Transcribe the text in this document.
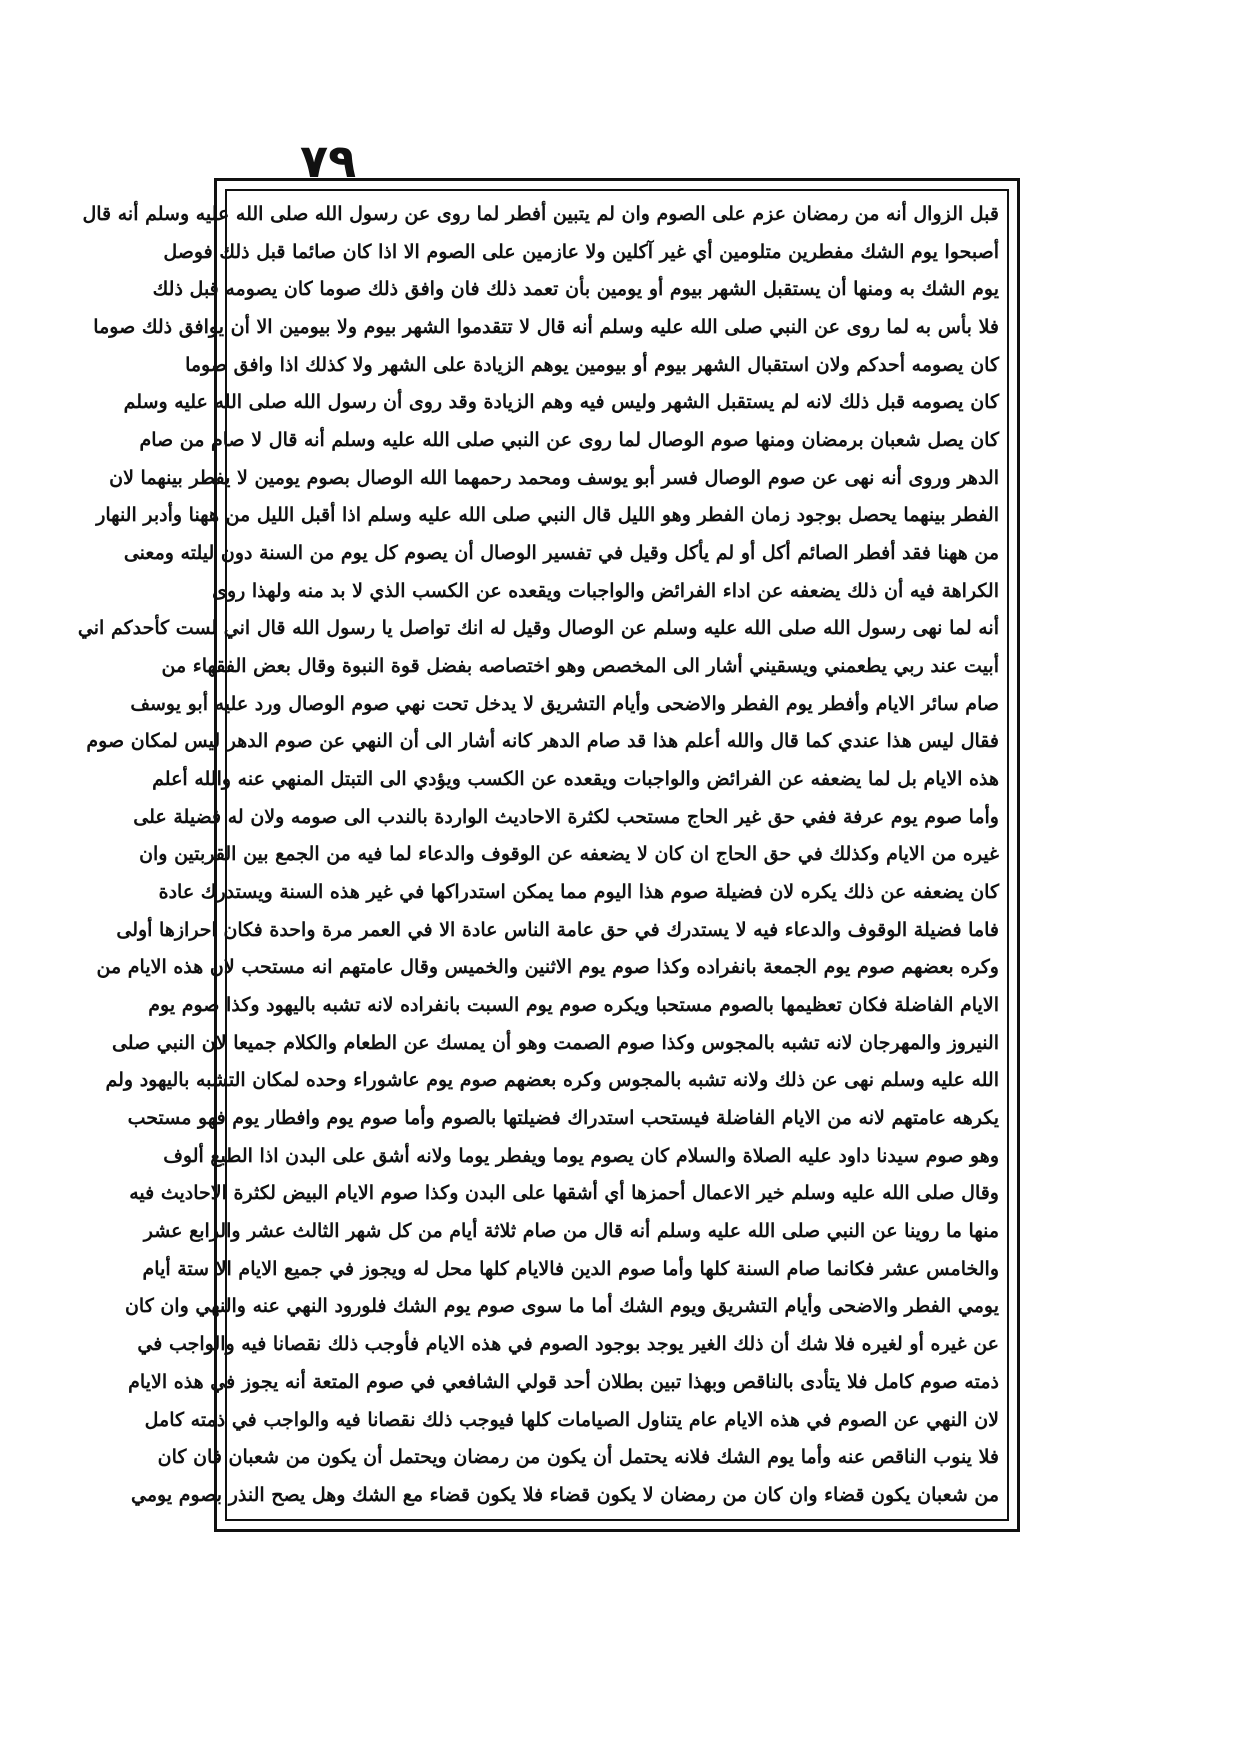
٧٩
قبل الزوال أنه من رمضان عزم على الصوم وان لم يتبين أفطر لما روى عن رسول الله صلى الله عليه وسلم أنه قال
أصبحوا يوم الشك مفطرين متلومين أي غير آكلين ولا عازمين على الصوم الا اذا كان صائما قبل ذلك فوصل
يوم الشك به ومنها أن يستقبل الشهر بيوم أو يومين بأن تعمد ذلك فان وافق ذلك صوما كان يصومه قبل ذلك
فلا بأس به لما روى عن النبي صلى الله عليه وسلم أنه قال لا تتقدموا الشهر بيوم ولا بيومين الا أن يوافق ذلك صوما
كان يصومه أحدكم ولان استقبال الشهر بيوم أو بيومين يوهم الزيادة على الشهر ولا كذلك اذا وافق صوما
كان يصومه قبل ذلك لانه لم يستقبل الشهر وليس فيه وهم الزيادة وقد روى أن رسول الله صلى الله عليه وسلم
كان يصل شعبان برمضان ومنها صوم الوصال لما روى عن النبي صلى الله عليه وسلم أنه قال لا صام من صام
الدهر وروى أنه نهى عن صوم الوصال فسر أبو يوسف ومحمد رحمهما الله الوصال بصوم يومين لا يفطر بينهما لان
الفطر بينهما يحصل بوجود زمان الفطر وهو الليل قال النبي صلى الله عليه وسلم اذا أقبل الليل من ههنا وأدبر النهار
من ههنا فقد أفطر الصائم أكل أو لم يأكل وقيل في تفسير الوصال أن يصوم كل يوم من السنة دون ليلته ومعنى
الكراهة فيه أن ذلك يضعفه عن اداء الفرائض والواجبات ويقعده عن الكسب الذي لا بد منه ولهذا روى
أنه لما نهى رسول الله صلى الله عليه وسلم عن الوصال وقيل له انك تواصل يا رسول الله قال اني لست كأحدكم اني
أبيت عند ربي يطعمني ويسقيني أشار الى المخصص وهو اختصاصه بفضل قوة النبوة وقال بعض الفقهاء من
صام سائر الايام وأفطر يوم الفطر والاضحى وأيام التشريق لا يدخل تحت نهي صوم الوصال ورد عليه أبو يوسف
فقال ليس هذا عندي كما قال والله أعلم هذا قد صام الدهر كانه أشار الى أن النهي عن صوم الدهر ليس لمكان صوم
هذه الايام بل لما يضعفه عن الفرائض والواجبات ويقعده عن الكسب ويؤدي الى التبتل المنهي عنه والله أعلم
وأما صوم يوم عرفة ففي حق غير الحاج مستحب لكثرة الاحاديث الواردة بالندب الى صومه ولان له فضيلة على
غيره من الايام وكذلك في حق الحاج ان كان لا يضعفه عن الوقوف والدعاء لما فيه من الجمع بين القربتين وان
كان يضعفه عن ذلك يكره لان فضيلة صوم هذا اليوم مما يمكن استدراكها في غير هذه السنة ويستدرك عادة
فاما فضيلة الوقوف والدعاء فيه لا يستدرك في حق عامة الناس عادة الا في العمر مرة واحدة فكان احرازها أولى
وكره بعضهم صوم يوم الجمعة بانفراده وكذا صوم يوم الاثنين والخميس وقال عامتهم انه مستحب لان هذه الايام من
الايام الفاضلة فكان تعظيمها بالصوم مستحبا ويكره صوم يوم السبت بانفراده لانه تشبه باليهود وكذا صوم يوم
النيروز والمهرجان لانه تشبه بالمجوس وكذا صوم الصمت وهو أن يمسك عن الطعام والكلام جميعا لان النبي صلى
الله عليه وسلم نهى عن ذلك ولانه تشبه بالمجوس وكره بعضهم صوم يوم عاشوراء وحده لمكان التشبه باليهود ولم
يكرهه عامتهم لانه من الايام الفاضلة فيستحب استدراك فضيلتها بالصوم وأما صوم يوم وافطار يوم فهو مستحب
وهو صوم سيدنا داود عليه الصلاة والسلام كان يصوم يوما ويفطر يوما ولانه أشق على البدن اذا الطبع ألوف
وقال صلى الله عليه وسلم خير الاعمال أحمزها أي أشقها على البدن وكذا صوم الايام البيض لكثرة الاحاديث فيه
منها ما روينا عن النبي صلى الله عليه وسلم أنه قال من صام ثلاثة أيام من كل شهر الثالث عشر والرابع عشر
والخامس عشر فكانما صام السنة كلها وأما صوم الدين فالايام كلها محل له ويجوز في جميع الايام الا ستة أيام
يومي الفطر والاضحى وأيام التشريق ويوم الشك أما ما سوى صوم يوم الشك فلورود النهي عنه والنهي وان كان
عن غيره أو لغيره فلا شك أن ذلك الغير يوجد بوجود الصوم في هذه الايام فأوجب ذلك نقصانا فيه والواجب في
ذمته صوم كامل فلا يتأدى بالناقص وبهذا تبين بطلان أحد قولي الشافعي في صوم المتعة أنه يجوز في هذه الايام
لان النهي عن الصوم في هذه الايام عام يتناول الصيامات كلها فيوجب ذلك نقصانا فيه والواجب في ذمته كامل
فلا ينوب الناقص عنه وأما يوم الشك فلانه يحتمل أن يكون من رمضان ويحتمل أن يكون من شعبان فان كان
من شعبان يكون قضاء وان كان من رمضان لا يكون قضاء فلا يكون قضاء مع الشك وهل يصح النذر بصوم يومي
